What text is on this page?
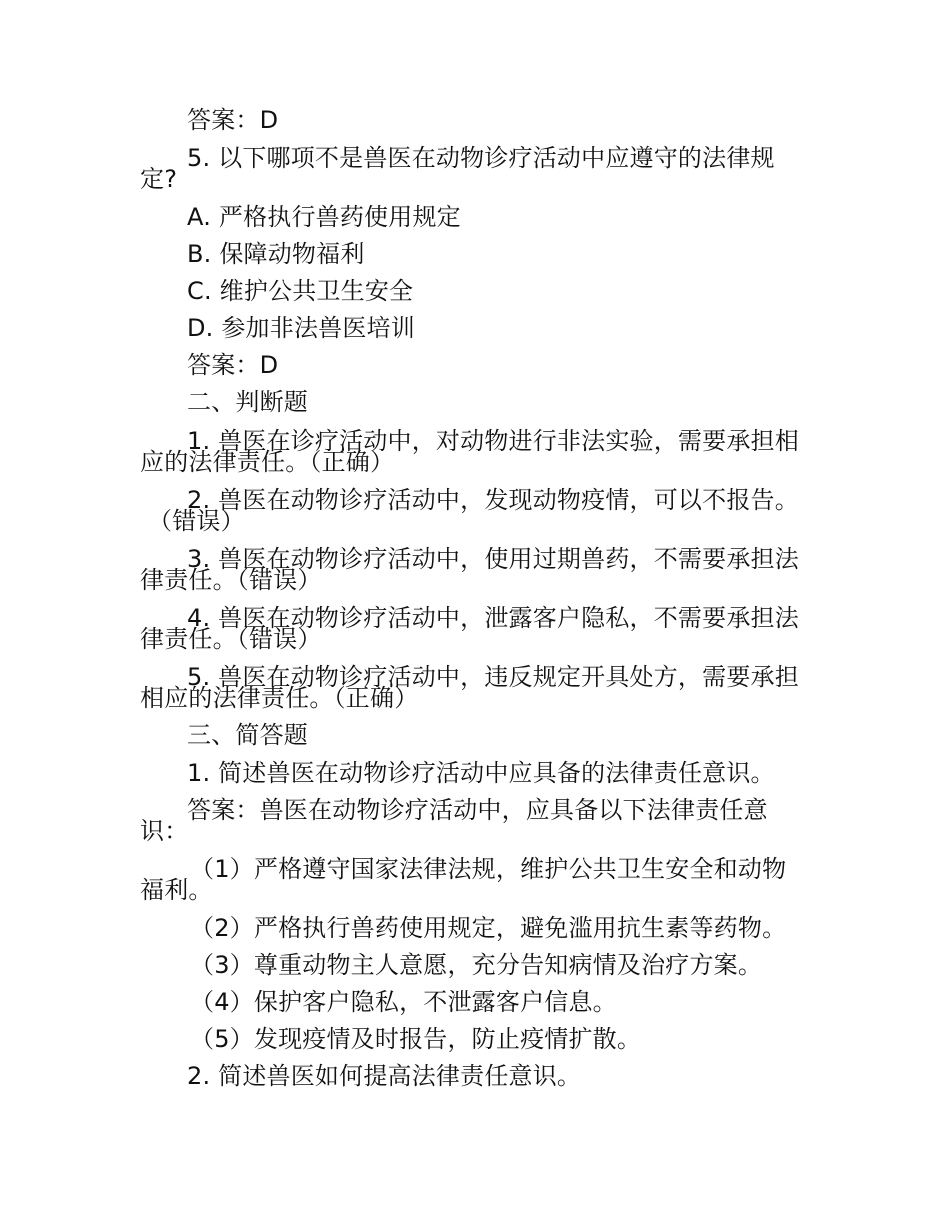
答案：D
5. 以下哪项不是兽医在动物诊疗活动中应遵守的法律规
定?
A. 严格执行兽药使用规定
B. 保障动物福利
C. 维护公共卫生安全
D. 参加非法兽医培训
答案：D
二、判断题
1. 兽医在诊疗活动中，对动物进行非法实验，需要承担相
应的法律责任。（正确）
2. 兽医在动物诊疗活动中，发现动物疫情，可以不报告。
（错误）
3. 兽医在动物诊疗活动中，使用过期兽药，不需要承担法
律责任。（错误）
4. 兽医在动物诊疗活动中，泄露客户隐私，不需要承担法
律责任。（错误）
5. 兽医在动物诊疗活动中，违反规定开具处方，需要承担
相应的法律责任。（正确）
三、简答题
1. 简述兽医在动物诊疗活动中应具备的法律责任意识。
答案：兽医在动物诊疗活动中，应具备以下法律责任意
识：
（1）严格遵守国家法律法规，维护公共卫生安全和动物
福利。
（2）严格执行兽药使用规定，避免滥用抗生素等药物。
（3）尊重动物主人意愿，充分告知病情及治疗方案。
（4）保护客户隐私，不泄露客户信息。
（5）发现疫情及时报告，防止疫情扩散。
2. 简述兽医如何提高法律责任意识。
